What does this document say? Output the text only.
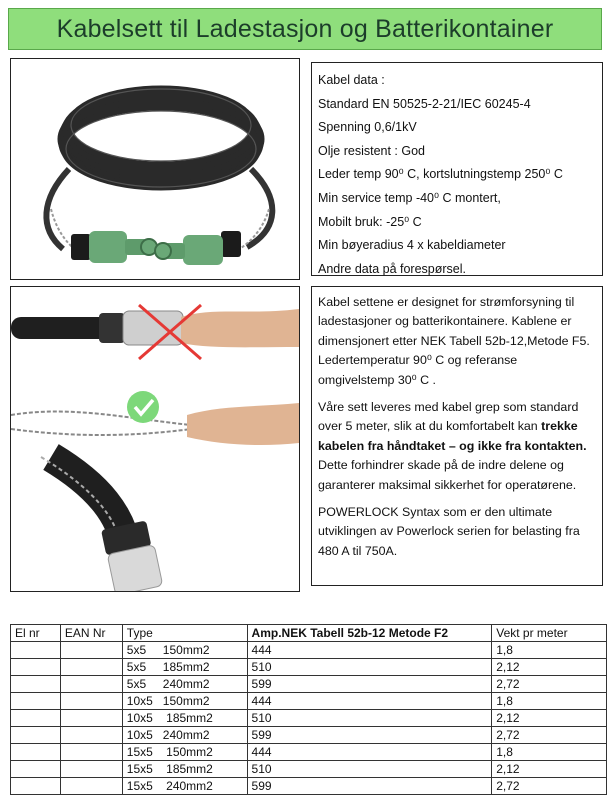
Kabelsett til Ladestasjon og Batterikontainer
Kabel data :
Standard EN 50525-2-21/IEC 60245-4
Spenning 0,6/1kV
Olje resistent : God
Leder temp 90⁰ C, kortslutningstemp 250⁰ C
Min service temp -40⁰ C montert,
Mobilt bruk: -25⁰ C
Min bøyeradius 4 x kabeldiameter
Andre data på forespørsel.

Kabel settene er designet for strømforsyning til ladestasjoner og batterikontainere. Kablene er dimensjonert etter NEK Tabell 52b-12,Metode F5. Ledertemperatur 90⁰ C og referanse omgivelstemp 30⁰ C .

Våre sett leveres med kabel grep som standard over 5 meter, slik at du komfortabelt kan trekke kabelen fra håndtaket – og ikke fra kontakten. Dette forhindrer skade på de indre delene og garanterer maksimal sikkerhet for operatørene.

POWERLOCK Syntax som er den ultimate utviklingen av Powerlock serien for belasting fra 480 A til 750A.

El nr	EAN Nr	Type	Amp.NEK Tabell 52b-12 Metode F2	Vekt pr meter
		5x5     150mm2	444	1,8
		5x5     185mm2	510	2,12
		5x5     240mm2	599	2,72
		10x5   150mm2	444	1,8
		10x5    185mm2	510	2,12
		10x5   240mm2	599	2,72
		15x5    150mm2	444	1,8
		15x5    185mm2	510	2,12
		15x5    240mm2	599	2,72
